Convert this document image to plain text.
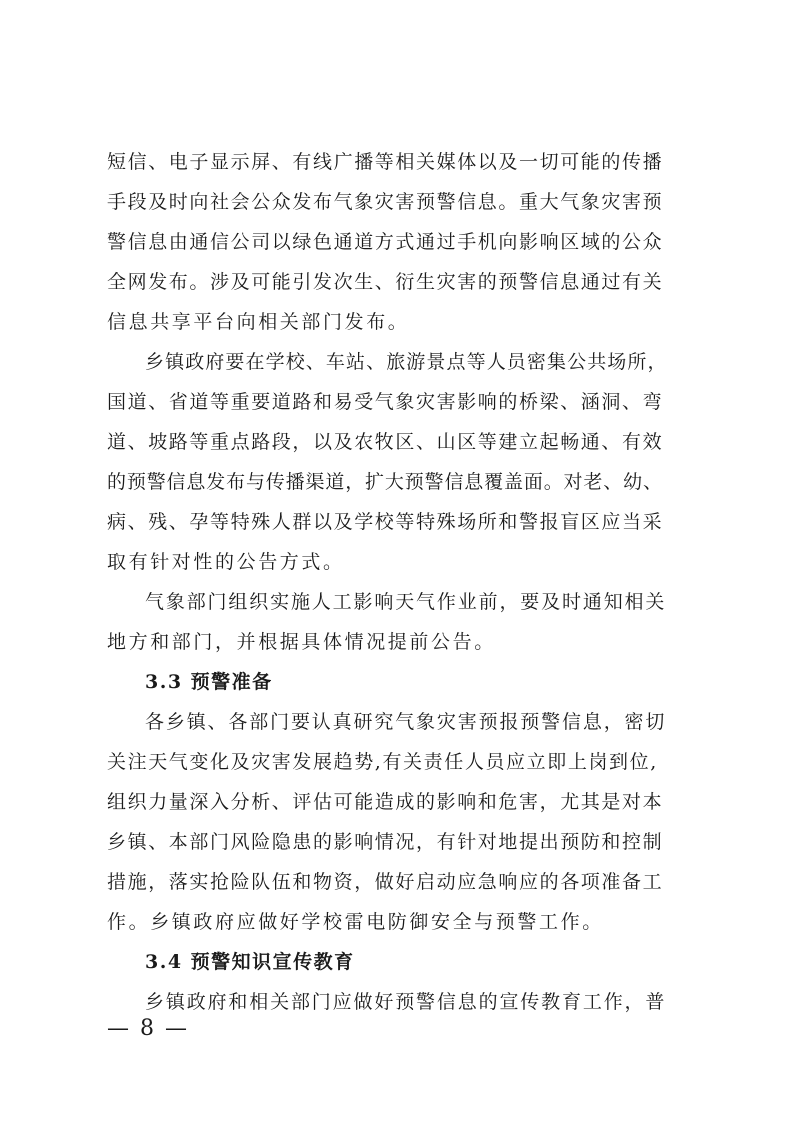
短信、电子显示屏、有线广播等相关媒体以及一切可能的传播
手段及时向社会公众发布气象灾害预警信息。重大气象灾害预
警信息由通信公司以绿色通道方式通过手机向影响区域的公众
全网发布。涉及可能引发次生、衍生灾害的预警信息通过有关
信息共享平台向相关部门发布。
乡镇政府要在学校、车站、旅游景点等人员密集公共场所，
国道、省道等重要道路和易受气象灾害影响的桥梁、涵洞、弯
道、坡路等重点路段，以及农牧区、山区等建立起畅通、有效
的预警信息发布与传播渠道，扩大预警信息覆盖面。对老、幼、
病、残、孕等特殊人群以及学校等特殊场所和警报盲区应当采
取有针对性的公告方式。
气象部门组织实施人工影响天气作业前，要及时通知相关
地方和部门，并根据具体情况提前公告。
3.3 预警准备
各乡镇、各部门要认真研究气象灾害预报预警信息，密切
关注天气变化及灾害发展趋势,有关责任人员应立即上岗到位,
组织力量深入分析、评估可能造成的影响和危害，尤其是对本
乡镇、本部门风险隐患的影响情况，有针对地提出预防和控制
措施，落实抢险队伍和物资，做好启动应急响应的各项准备工
作。乡镇政府应做好学校雷电防御安全与预警工作。
3.4 预警知识宣传教育
乡镇政府和相关部门应做好预警信息的宣传教育工作，普
— 8 —
